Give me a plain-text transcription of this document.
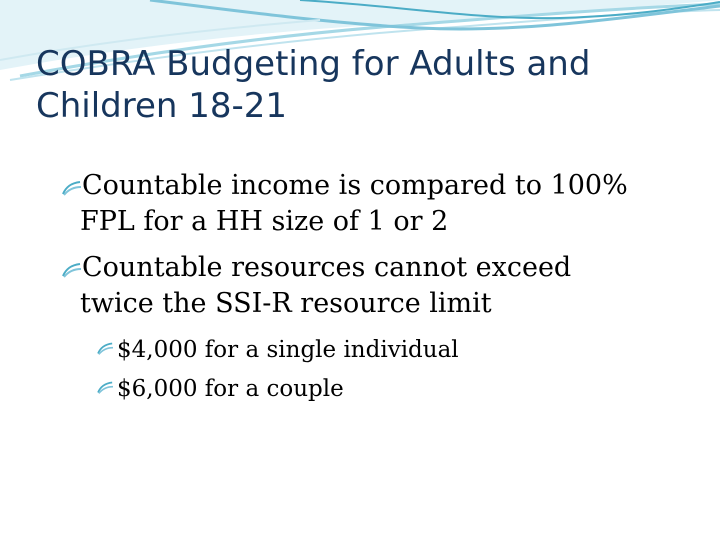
COBRA Budgeting for Adults and
Children 18-21

Countable income is compared to 100%
FPL for a HH size of 1 or 2

Countable resources cannot exceed
twice the SSI-R resource limit

$4,000 for a single individual

$6,000 for a couple
